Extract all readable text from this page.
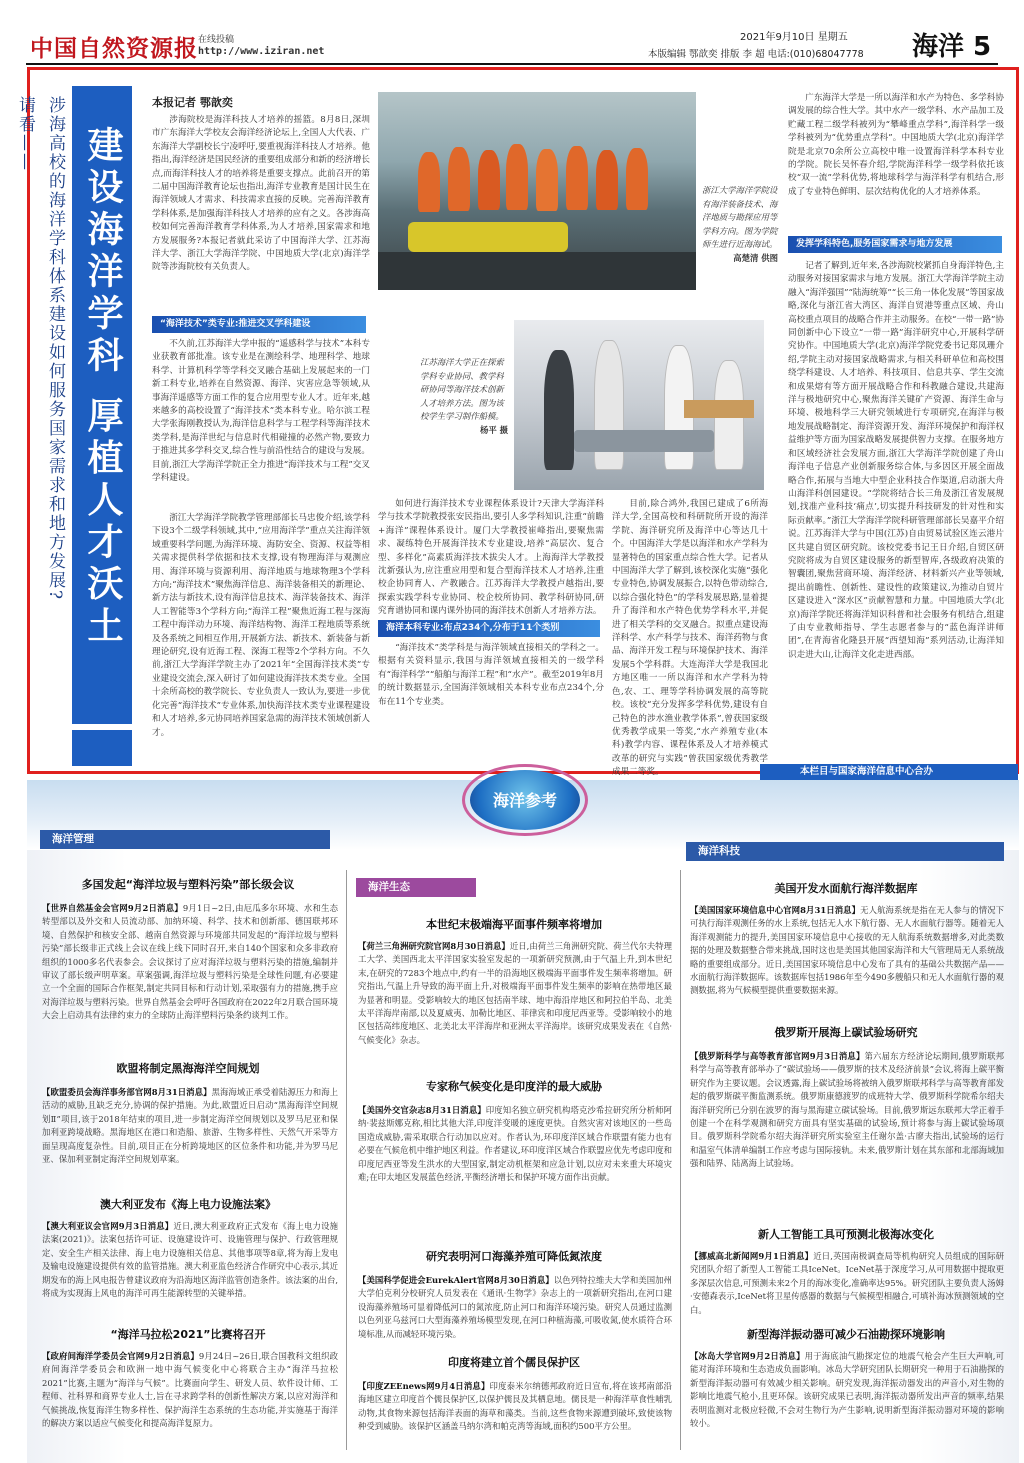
中国自然资源报 在线投稿
http://www.iziran.net
2021年9月10日 星期五
本版编辑 鄂歆奕 排版 李 超 电话:(010)68047778 海洋 5
涉海高校的海洋学科体系建设如何服务国家需求和地方发展?请看——	建设海洋学科 厚植人才沃土
本报记者 鄂歆奕
涉海院校是海洋科技人才培养的摇篮。8月8日,深圳市广东海洋大学校友会海洋经济论坛上,全国人大代表、广东海洋大学副校长宁凌呼吁,要重视海洋科技人才培养。他指出,海洋经济是国民经济的重要组成部分和新的经济增长点,而海洋科技人才的培养将是重要支撑点。此前召开的第二届中国海洋教育论坛也指出,海洋专业教育是国计民生在海洋领域人才需求、科技需求直接的反映。完善海洋教育学科体系,是加强海洋科技人才培养的应有之义。各涉海高校如何完善海洋教育学科体系,为人才培养,国家需求和地方发展服务?本报记者就此采访了中国海洋大学、江苏海洋大学、浙江大学海洋学院、中国地质大学(北京)海洋学院等涉海院校有关负责人。
“海洋技术”类专业:推进交叉学科建设
不久前,江苏海洋大学申报的“遥感科学与技术”本科专业获教育部批准。该专业是在测绘科学、地理科学、地球科学、计算机科学等学科交叉融合基础上发展起来的一门新工科专业,培养在自然资源、海洋、灾害应急等领域,从事海洋遥感等方面工作的复合应用型专业人才。近年来,越来越多的高校设置了“海洋技术”类本科专业。哈尔滨工程大学张海刚教授认为,海洋信息科学与工程学科等海洋技术类学科,是海洋世纪与信息时代相碰撞的必然产物,要致力于推进其多学科交叉,综合性与前沿性结合的建设与发展。目前,浙江大学海洋学院正全力推进“海洋技术与工程”交叉学科建设。
浙江大学海洋学院教学管理部部长马忠俊介绍,该学科下设3个二级学科领域,其中,“应用海洋学”重点关注海洋领域重要科学问题,为海洋环境、海防安全、资源、权益等相关需求提供科学依据和技术支撑,设有物理海洋与观测应用、海洋环境与资源利用、海洋地质与地球物理3个学科方向;“海洋技术”聚焦海洋信息、海洋装备相关的新理论、新方法与新技术,设有海洋信息技术、海洋装备技术、海洋人工智能等3个学科方向;“海洋工程”聚焦近海工程与深海工程中海洋动力环境、海洋结构物、海洋工程地质等系统及各系统之间相互作用,开展新方法、新技术、新装备与新理论研究,设有近海工程、深海工程等2个学科方向。不久前,浙江大学海洋学院主办了2021年“全国海洋技术类”专业建设交流会,深入研讨了如何建设海洋技术类专业。全国十余所高校的教学院长、专业负责人一致认为,要进一步优化完善“海洋技术”专业体系,加快海洋技术类专业课程建设和人才培养,多元协同培养国家急需的海洋技术领域创新人才。
浙江大学海洋学院设有海洋装备技术、海洋地质与勘探应用等学科方向。图为学院师生进行近海海试。
高楚清 供图
江苏海洋大学正在探索学科专业协同、教学科研协同等海洋技术创新人才培养方法。图为该校学生学习制作船模。
杨平 摄
如何进行海洋技术专业课程体系设计?天津大学海洋科学与技术学院教授张安民指出,要引人多学科知识,注重“前瞻+海洋”课程体系设计。厦门大学教授崔峰指出,要聚焦需求、凝练特色开展海洋技术专业建设,培养“高层次、复合型、多样化”高素质海洋技术拔尖人才。上海海洋大学教授沈新强认为,应注重应用型和复合型海洋技术人才培养,注重校企协同育人、产教融合。江苏海洋大学教授卢越指出,要探索实践学科专业协同、校企校所协同、教学科研协同,研究育谱协同和课内课外协同的海洋技术创新人才培养方法。
海洋本科专业:布点234个,分布于11个类别
“海洋技术”类学科是与海洋领域直接相关的学科之一。根据有关资料显示,我国与海洋领域直接相关的一级学科有“海洋科学”“船舶与海洋工程”和“水产”。截至2019年8月的统计数据显示,全国海洋领域相关本科专业布点234个,分布在11个专业类。
目前,除合鸿外,我国已建成了6所海洋大学,全国高校和科研院所开设的海洋学院、海洋研究所及海洋中心等达几十个。中国海洋大学是以海洋和水产学科为显著特色的国家重点综合性大学。记者从中国海洋大学了解到,该校深化实施“强化专业特色,协调发展振合,以特色带动综合,以综合强化特色”的学科发展思路,显着提升了海洋和水产特色优势学科水平,并促进了相关学科的交叉融合。拟重点建设海洋科学、水产科学与技术、海洋药物与食品、海洋开发工程与环境保护技术、海洋发展5个学科群。大连海洋大学是我国北方地区唯一一所以海洋和水产学科为特色,农、工、理等学科协调发展的高等院校。该校“充分发挥多学科优势,建设有自己特色的涉水渔业教学体系”,曾获国家级优秀教学成果一等奖,“水产养殖专业(本科)教学内容、课程体系及人才培养模式改革的研究与实践”曾获国家级优秀教学成果二等奖。
广东海洋大学是一所以海洋和水产为特色、多学科协调发展的综合性大学。其中水产一级学科、水产品加工及贮藏工程二级学科被列为“攀峰重点学科”,海洋科学一级学科被列为“优势重点学科”。中国地质大学(北京)海洋学院是北京70余所公立高校中唯一设置海洋科学本科专业的学院。院长吴怀春介绍,学院海洋科学一级学科依托该校“双一流”学科优势,将地球科学与海洋科学有机结合,形成了专业特色鲜明、层次结构优化的人才培养体系。
发挥学科特色,服务国家需求与地方发展
记者了解到,近年来,各涉海院校紧抓自身海洋特色,主动服务对接国家需求与地方发展。浙江大学海洋学院主动融入“海洋强国”“陆海统筹”“长三角一体化发展”等国家战略,深化与浙江省大湾区、海洋自贸港等重点区域、舟山高校重点项目的战略合作并主动服务。在校“一带一路”协同创新中心下设立“一带一路”海洋研究中心,开展科学研究协作。中国地质大学(北京)海洋学院党委书记郑凤珊介绍,学院主动对接国家战略需求,与相关科研单位和高校围绕学科建设、人才培养、科技项目、信息共享、学生交流和成果熔有等方面开展战略合作和科教融合建设,共建海洋与极地研究中心,聚焦海洋关键矿产资源、海洋生命与环境、极地科学三大研究领域进行专项研究,在海洋与极地发展战略制定、海洋资源开发、海洋环境保护和海洋权益维护等方面为国家战略发展提供智力支撑。在服务地方和区域经济社会发展方面,浙江大学海洋学院创建了舟山海洋电子信息产业创新服务综合体,与多因区开展全面战略合作,拓展与当地大中型企业科技合作渠道,启动浙大舟山海洋科创园建设。“学院将结合长三角及浙江省发展规划,找准产业科技‘痛点’,切实提升科技研发的针对性和实际贡献率。”浙江大学海洋学院科研管理部部长吴嘉平介绍说。江苏海洋大学与中国(江苏)自由贸易试验区连云港片区共建自贸区研究院。该校党委书记王日介绍,自贸区研究院将成为自贸区建设服务的新型智库,各级政府决策的智囊团,聚焦营商环境、海洋经济、材料新兴产业等领域,提出前瞻性、创新性、建设性的政策建议,为推动自贸片区建设进入“深水区”贡献智慧和力量。中国地质大学(北京)海洋学院还将海洋知识科普和社会服务有机结合,组建了由专业教师指导、学生志愿者参与的“蓝色海洋讲师团”,在青海省化隆县开展“西望知海”系列活动,让海洋知识走进大山,让海洋文化走进西部。
本栏目与国家海洋信息中心合办
海洋参考
海洋管理
海洋生态
海洋科技
多国发起“海洋垃圾与塑料污染”部长级会议
【世界自然基金会官网9月2日消息】9月1日~2日,由厄瓜多尔环境、水和生态转型部以及外交和人员流动部、加纳环境、科学、技术和创新部、德国联邦环境、自然保护和核安全部、越南自然资源与环境部共同发起的“海洋垃圾与塑料污染”部长级非正式线上会议在线上线下同时召开,来自140个国家和众多非政府组织的1000多名代表参会。会议探讨了应对海洋垃圾与塑料污染的措施,编制并审议了部长级声明草案。草案强调,海洋垃圾与塑料污染是全球性问题,有必要建立一个全面的国际合作框架,制定共同目标和行动计划,采取强有力的措施,携手应对海洋垃圾与塑料污染。世界自然基金会呼吁各国政府在2022年2月联合国环境大会上启动具有法律约束力的全球防止海洋塑料污染条约谈判工作。
欧盟将制定黑海海洋空间规划
【欧盟委员会海洋事务部官网8月31日消息】黑海海域正承受着陆源压力和海上活动的威胁,且缺乏充分,协调的保护措施。为此,欧盟近日启动“黑海海洋空间规划Ⅱ”项目,该于2018年结束的项目,进一步制定海洋空间规划以及罗马尼亚和保加利亚跨境战略。黑海地区在港口和造船、旅游、生物多样性、天然气开采等方面呈现高度复杂性。目前,项目正在分析跨境地区的区位条件和功能,并为罗马尼亚、保加利亚制定海洋空间规划草案。
澳大利亚发布《海上电力设施法案》
【澳大利亚议会官网9月3日消息】近日,澳大利亚政府正式发布《海上电力设施法案(2021)》。法案包括许可证、设施建设许可、设施管理与保护、行政管理规定、安全生产相关法律、海上电力设施相关信息、其他事项等8章,将为海上发电及输电设施建设提供有效的监管措施。澳大利亚监色经济合作研究中心表示,其近期发布的海上风电报告曾建议政府为沿海地区海洋监管创造条件。该法案的出台,将成为实现海上风电的海洋可再生能源转型的关键举措。
“海洋马拉松2021”比赛将召开
【政府间海洋学委员会官网9月2日消息】9月24日~26日,联合国教科文组织政府间海洋学委员会和欧洲一地中海气候变化中心将联合主办“海洋马拉松2021”比赛,主题为“海洋与气候”。比赛面向学生、研发人员、软件设计师、工程师、社科界和商界专业人士,旨在寻求跨学科的创新性解决方案,以应对海洋和气候挑战,恢复海洋生物多样性、保护海洋生态系统的生态功能,并实施基于海洋的解决方案以适应气候变化和提高海洋复原力。
本世纪末极端海平面事件频率将增加
【荷兰三角洲研究院官网8月30日消息】近日,由荷兰三角洲研究院、荷兰代尔夫特理工大学、美国西北太平洋国家实验室发起的一项新研究预测,由于气温上升,到本世纪末,在研究的7283个地点中,约有一半的沿海地区极端海平面事件发生频率将增加。研究指出,气温上升导致的海平面上升,对极端海平面事件发生频率的影响在热带地区最为显著和明显。受影响较大的地区包括南半球、地中海沿岸地区和阿拉伯半岛、北美太平洋海岸南部,以及夏威夷、加勒比地区、菲律宾和印度尼西亚等。受影响较小的地区包括高纬度地区、北美北太平洋海岸和亚洲太平洋海岸。该研究成果发表在《自然·气候变化》杂志。
专家称气候变化是印度洋的最大威胁
【美国外交官杂志8月31日消息】印度知名独立研究机构塔克沙希拉研究所分析师阿纳·裴兹斯娜克称,相比其他大洋,印度洋变暖的速度更快。自然灾害对该地区的一些岛国造成威胁,需采取联合行动加以应对。作者认为,环印度洋区域合作联盟有能力也有必要在气候危机中维护地区利益。作者建议,环印度洋区域合作联盟应优先考虑印度和印度尼西亚等发生洪水的大型国家,制定动机框架和应急计划,以应对未来重大环境灾难;在印太地区发展蓝色经济,平衡经济增长和保护环境方面作出贡献。
研究表明河口海藻养殖可降低氮浓度
【美国科学促进会EurekAlert官网8月30日消息】以色列特拉维夫大学和美国加州大学伯克利分校研究人员发表在《通讯·生物学》杂志上的一项新研究指出,在河口建设海藻养殖场可显着降低河口的氮浓度,防止河口和海洋环境污染。研究人员通过监测以色列亚乌兹河口大型海藻养殖场模型发现,在河口种植海藻,可吸收氮,使水质符合环境标准,从而减轻环境污染。
印度将建立首个儒艮保护区
【印度ZEEnews网9月4日消息】印度泰米尔纳德邦政府近日宣布,将在该邦南部沿海地区建立印度首个儒艮保护区,以保护儒艮及其栖息地。儒艮是一种海洋草食性哺乳动物,其食物来源包括海洋表面的海草和藻类。当前,这些食物来源遭到破坏,致使该物种受到威胁。该保护区涵盖马纳尔湾和帕克湾等海域,面积约500平方公里。
美国开发水面航行海洋数据库
【美国国家环境信息中心官网8月31日消息】无人航海系统是指在无人参与的情况下可执行海洋观测任务的水上系统,包括无人水下航行器、无人水面航行器等。随着无人海洋观测能力的提升,美国国家环境信息中心接收的无人航海系统数据增多,对此类数据的处理及数据整合带来挑战,国时这也是美国其他国家海洋和大气管理局无人系统战略的重要组成部分。近日,美国国家环境信息中心发布了具有的基础公共数据产品——水面航行海洋数据库。该数据库包括1986年至今490多艘船只和无人水面航行器的观测数据,将为气候模型提供重要数据来源。
俄罗斯开展海上碳试验场研究
【俄罗斯科学与高等教育部官网9月3日消息】第六届东方经济论坛期间,俄罗斯联邦科学与高等教育部举办了“碳试验场——俄罗斯的技术及经济前景”会议,将海上碳平衡研究作为主要议题。会议透露,海上碳试验场将被纳入俄罗斯联邦科学与高等教育部发起的俄罗斯碳平衡监测系统。俄罗斯康德渡罗的成班特大学、俄罗斯科学院希尔绍夫海洋研究所已分别在波罗的海与黑海建立碳试验场。目前,俄罗斯远东联邦大学正着手创建一个在科学观测和研究方面具有坚实基础的试验场,预计将参与海上碳试验场项目。俄罗斯科学院希尔绍夫海洋研究所实验室主任谢尔盖·古廖夫指出,试验场的运行和温室气体清单编制工作应考虑与国际接轨。未来,俄罗斯计划在其东部和北部海域加强和陆界、陆离海上试验场。
新人工智能工具可预测北极海冰变化
【挪威高北新闻网9月1日消息】近日,英国南极调查局等机构研究人员组成的国际研究团队介绍了新型人工智能工具IceNet。IceNet基于深度学习,从可用数据中提取更多深层次信息,可预测未来2个月的海冰变化,准确率达95%。研究团队主要负责人汤姆·安德森表示,IceNet将卫星传感器的数据与气候模型相融合,可填补海冰预测领域的空白。
新型海洋振动器可减少石油勘探环境影响
【冰岛大学官网9月2日消息】用于海底油气勘探定位的地震气枪会产生巨大声响,可能对海洋环境和生态造成负面影响。冰岛大学研究团队长期研究一种用于石油勘探的新型海洋振动器可有效减少相关影响。研究发现,海洋振动器发出的声音小,对生物的影响比地震气枪小,且更环保。该研究成果已表明,海洋振动器所发出声音的频率,结果表明监测对北极应轻微,不会对生物行为产生影响,说明新型海洋振动器对环境的影响较小。
